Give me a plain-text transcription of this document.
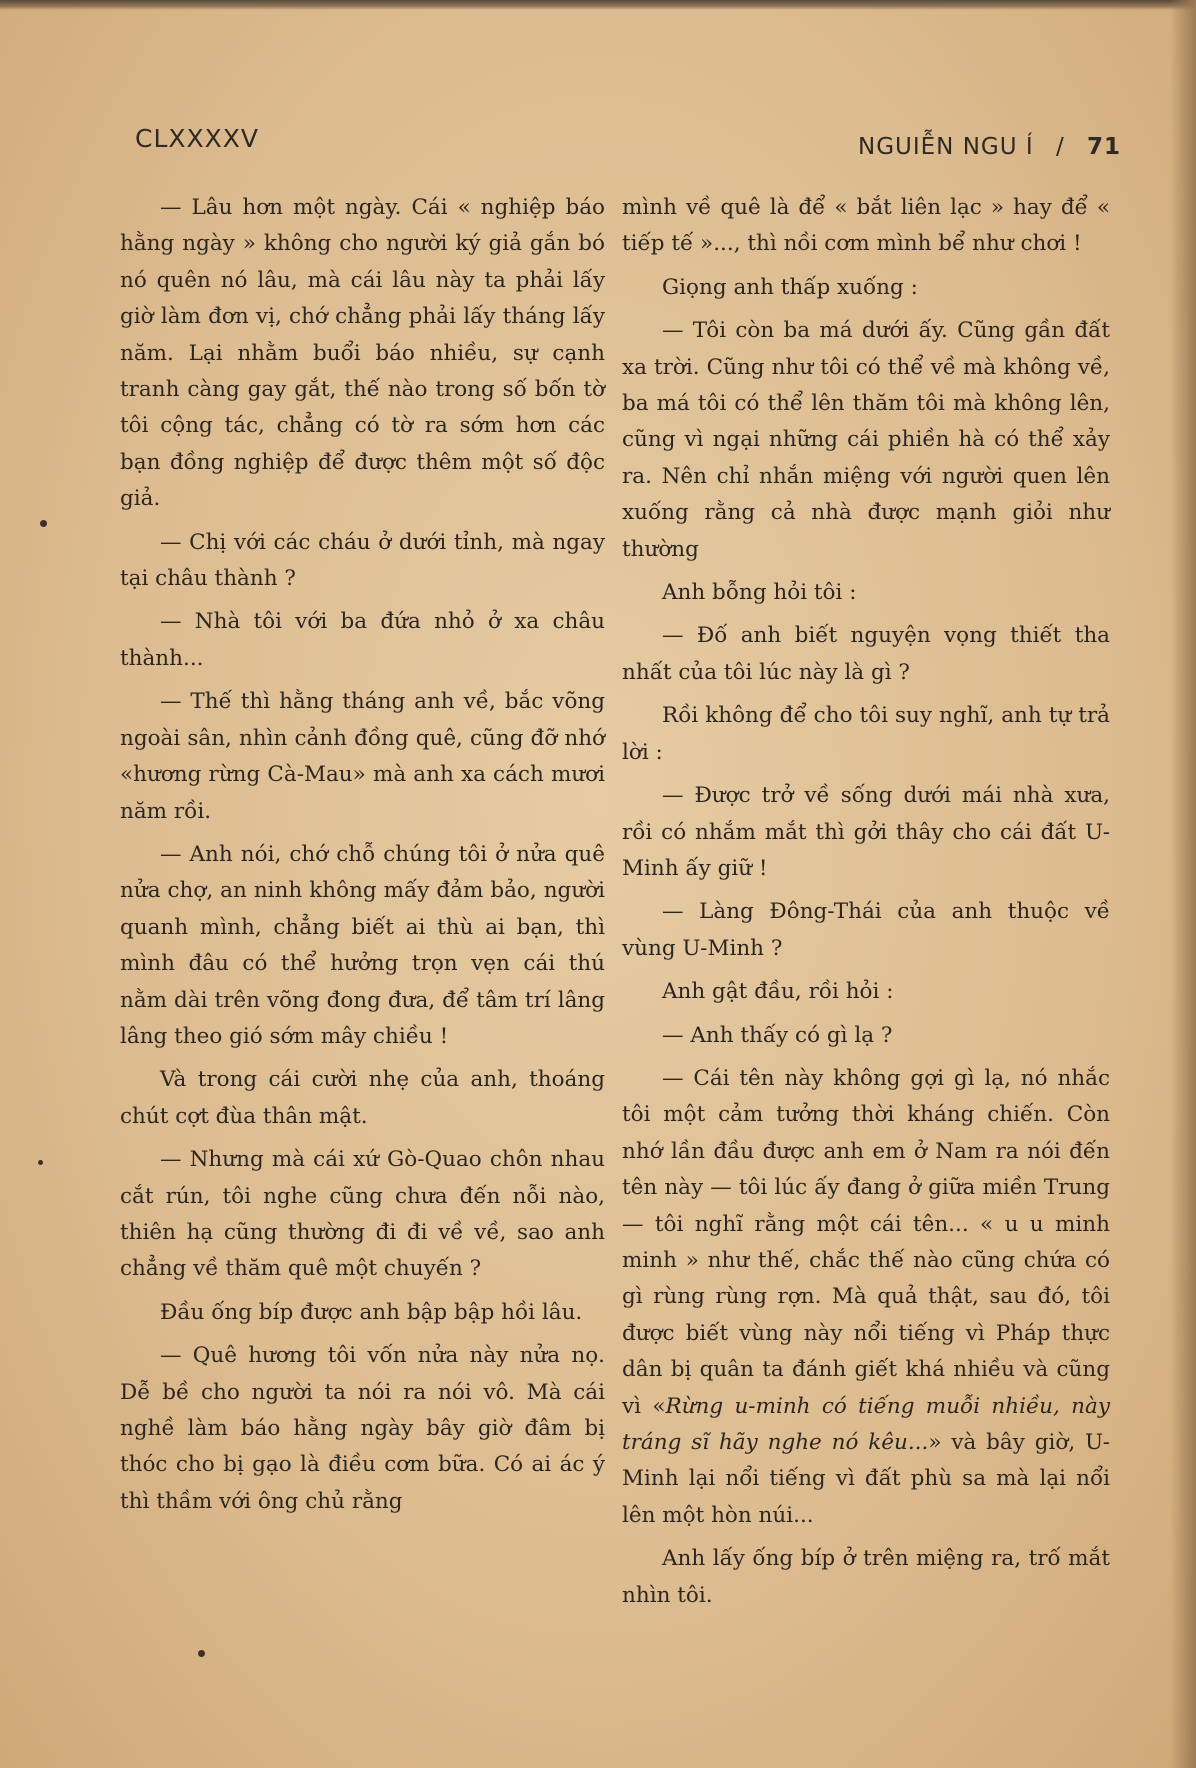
CLXXXXV	NGUIỄN NGU Í / 71

— Lâu hơn một ngày. Cái « nghiệp báo hằng ngày » không cho người ký giả gắn bó nó quên nó lâu, mà cái lâu này ta phải lấy giờ làm đơn vị, chớ chẳng phải lấy tháng lấy năm. Lại nhằm buổi báo nhiều, sự cạnh tranh càng gay gắt, thế nào trong số bốn tờ tôi cộng tác, chẳng có tờ ra sớm hơn các bạn đồng nghiệp để được thêm một số độc giả.

— Chị với các cháu ở dưới tỉnh, mà ngay tại châu thành ?

— Nhà tôi với ba đứa nhỏ ở xa châu thành...

— Thế thì hằng tháng anh về, bắc võng ngoài sân, nhìn cảnh đồng quê, cũng đỡ nhớ «hương rừng Cà-Mau» mà anh xa cách mươi năm rồi.

— Anh nói, chớ chỗ chúng tôi ở nửa quê nửa chợ, an ninh không mấy đảm bảo, người quanh mình, chẳng biết ai thù ai bạn, thì mình đâu có thể hưởng trọn vẹn cái thú nằm dài trên võng đong đưa, để tâm trí lâng lâng theo gió sớm mây chiều !

Và trong cái cười nhẹ của anh, thoáng chút cợt đùa thân mật.

— Nhưng mà cái xứ Gò-Quao chôn nhau cắt rún, tôi nghe cũng chưa đến nỗi nào, thiên hạ cũng thường đi đi về về, sao anh chẳng về thăm quê một chuyến ?

Đầu ống bíp được anh bập bập hồi lâu.

— Quê hương tôi vốn nửa này nửa nọ. Dễ bề cho người ta nói ra nói vô. Mà cái nghề làm báo hằng ngày bây giờ đâm bị thóc cho bị gạo là điều cơm bữa. Có ai ác ý thì thầm với ông chủ rằng

mình về quê là để « bắt liên lạc » hay để « tiếp tế »..., thì nồi cơm mình bể như chơi !

Giọng anh thấp xuống :

— Tôi còn ba má dưới ấy. Cũng gần đất xa trời. Cũng như tôi có thể về mà không về, ba má tôi có thể lên thăm tôi mà không lên, cũng vì ngại những cái phiền hà có thể xảy ra. Nên chỉ nhắn miệng với người quen lên xuống rằng cả nhà được mạnh giỏi như thường

Anh bỗng hỏi tôi :

— Đố anh biết nguyện vọng thiết tha nhất của tôi lúc này là gì ?

Rồi không để cho tôi suy nghĩ, anh tự trả lời :

— Được trở về sống dưới mái nhà xưa, rồi có nhắm mắt thì gởi thây cho cái đất U-Minh ấy giữ !

— Làng Đông-Thái của anh thuộc về vùng U-Minh ?

Anh gật đầu, rồi hỏi :

— Anh thấy có gì lạ ?

— Cái tên này không gợi gì lạ, nó nhắc tôi một cảm tưởng thời kháng chiến. Còn nhớ lần đầu được anh em ở Nam ra nói đến tên này — tôi lúc ấy đang ở giữa miền Trung — tôi nghĩ rằng một cái tên... « u u minh minh » như thế, chắc thế nào cũng chứa có gì rùng rùng rợn. Mà quả thật, sau đó, tôi được biết vùng này nổi tiếng vì Pháp thực dân bị quân ta đánh giết khá nhiều và cũng vì «Rừng u-minh có tiếng muỗi nhiều, này tráng sĩ hãy nghe nó kêu...» và bây giờ, U-Minh lại nổi tiếng vì đất phù sa mà lại nổi lên một hòn núi...

Anh lấy ống bíp ở trên miệng ra, trố mắt nhìn tôi.
